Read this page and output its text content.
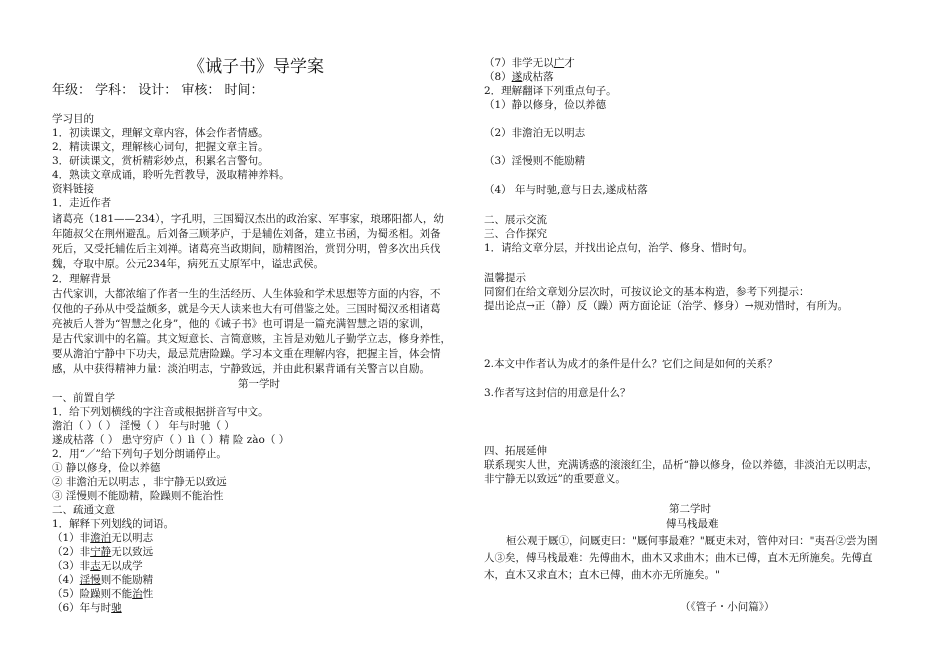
《诫子书》导学案
年级： 学科： 设计： 审核： 时间：
学习目的
1．初读课文，理解文章内容，体会作者情感。
2．精读课文，理解核心词句，把握文章主旨。
3．研读课文，赏析精彩妙点，积累名言警句。
4．熟读文章成诵，聆听先哲教导，汲取精神养料。
资料链接
1．走近作者
诸葛亮（181——234），字孔明，三国蜀汉杰出的政治家、军事家，琅琊阳都人，幼
年随叔父在荆州避乱。后刘备三顾茅庐，于是辅佐刘备，建立书函，为蜀丞相。刘备
死后，又受托辅佐后主刘禅。诸葛亮当政期间，励精图治，赏罚分明，曾多次出兵伐
魏，夺取中原。公元234年，病死五丈原军中，谥忠武侯。
2．理解背景
古代家训，大都浓缩了作者一生的生活经历、人生体验和学术思想等方面的内容，不
仅他的子孙从中受益颇多，就是今天人读来也大有可借鉴之处。三国时蜀汉丞相诸葛
亮被后人誉为“智慧之化身”，他的《诫子书》也可谓是一篇充满智慧之语的家训，
是古代家训中的名篇。其文短意长、言简意赅，主旨是劝勉儿子勤学立志，修身养性，
要从澹泊宁静中下功夫，最忌荒唐险躁。学习本文重在理解内容，把握主旨，体会情
感，从中获得精神力量：淡泊明志，宁静致远，并由此积累背诵有关警言以自励。
第一学时
一、前置自学
1．给下列划横线的字注音或根据拼音写中文。
澹泊（ ）（ ） 淫慢（ ） 年与时驰（ ）
遂成枯落（ ） 患守穷庐（ ）lì（ ）精 险 zào（ ）
2．用“／”给下列句子划分朗诵停止。
① 静以修身，俭以养德
② 非澹泊无以明志 ，非宁静无以致远
③ 淫慢则不能励精，险躁则不能治性
二、疏通文意
1．解释下列划线的词语。
（1）非澹泊无以明志
（2）非宁静无以致远
（3）非志无以成学
（4）淫慢则不能励精
（5）险躁则不能治性
（6）年与时驰
（7）非学无以广才
（8）遂成枯落
2．理解翻译下列重点句子。
（1）静以修身，俭以养德
（2）非澹泊无以明志
（3）淫慢则不能励精
（4） 年与时驰,意与日去,遂成枯落
二、展示交流
三、合作探究
1．请给文章分层，并找出论点句，治学、修身、惜时句。
温馨提示
同窗们在给文章划分层次时，可按议论文的基本构造，参考下列提示：
提出论点→正（静）反（躁）两方面论证（治学、修身）→规劝惜时，有所为。
2.本文中作者认为成才的条件是什么？它们之间是如何的关系？
3.作者写这封信的用意是什么？
四、拓展延伸
联系现实人世，充满诱惑的滚滚红尘，品析“静以修身，俭以养德，非淡泊无以明志，
非宁静无以致远”的重要意义。
第二学时
傅马栈最难
桓公观于厩①，问厩吏曰："厩何事最难？"厩吏未对，管仲对曰："夷吾②尝为圉
人③矣，傅马栈最难：先傅曲木，曲木又求曲木；曲木已傅，直木无所施矣。先傅直
木，直木又求直木；直木已傅，曲木亦无所施矣。"
（《管子・小问篇》）
